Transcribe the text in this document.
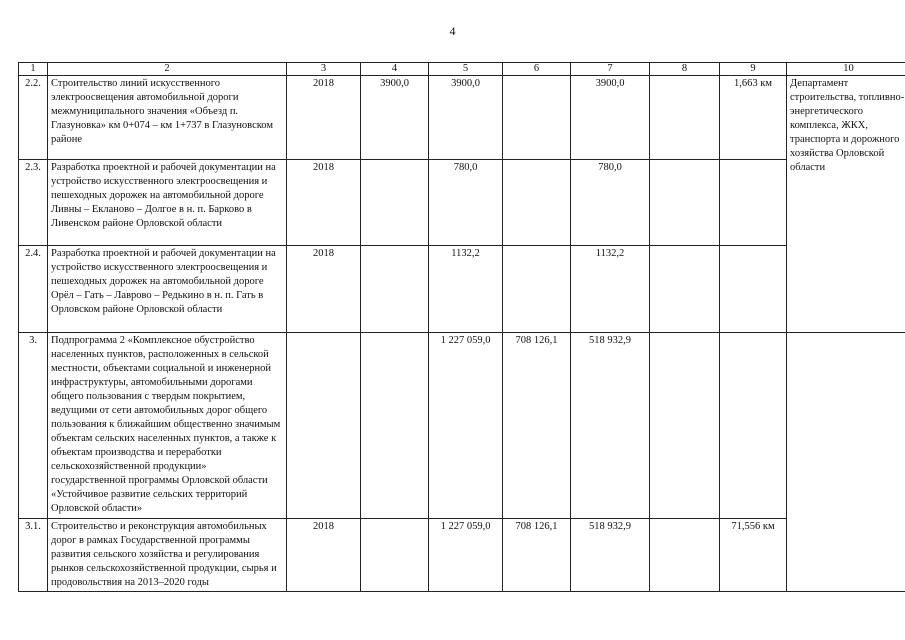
4
1	2	3	4	5	6	7	8	9	10
2.2.	Строительство линий искусственного электроосвещения автомобильной дороги межмуниципального значения «Объезд п. Глазуновка» км 0+074 – км 1+737 в Глазуновском районе	2018	3900,0	3900,0		3900,0		1,663 км	Департамент строительства, топливно-энергетического комплекса, ЖКХ, транспорта и дорожного хозяйства Орловской области
2.3.	Разработка проектной и рабочей документации на устройство искусственного электроосвещения и пешеходных дорожек на автомобильной дороге Ливны – Екланово – Долгое в н. п. Барково в Ливенском районе Орловской области	2018		780,0		780,0			
2.4.	Разработка проектной и рабочей документации на устройство искусственного электроосвещения и пешеходных дорожек на автомобильной дороге Орёл – Гать – Лаврово – Редькино в н. п. Гать в Орловском районе Орловской области	2018		1132,2		1132,2			
3.	Подпрограмма 2 «Комплексное обустройство населенных пунктов, расположенных в сельской местности, объектами социальной и инженерной инфраструктуры, автомобильными дорогами общего пользования с твердым покрытием, ведущими от сети автомобильных дорог общего пользования к ближайшим общественно значимым объектам сельских населенных пунктов, а также к объектам производства и переработки сельскохозяйственной продукции» государственной программы Орловской области «Устойчивое развитие сельских территорий Орловской области»			1 227 059,0	708 126,1	518 932,9			
3.1.	Строительство и реконструкция автомобильных дорог в рамках Государственной программы развития сельского хозяйства и регулирования рынков сельскохозяйственной продукции, сырья и продовольствия на 2013–2020 годы	2018		1 227 059,0	708 126,1	518 932,9		71,556 км	
